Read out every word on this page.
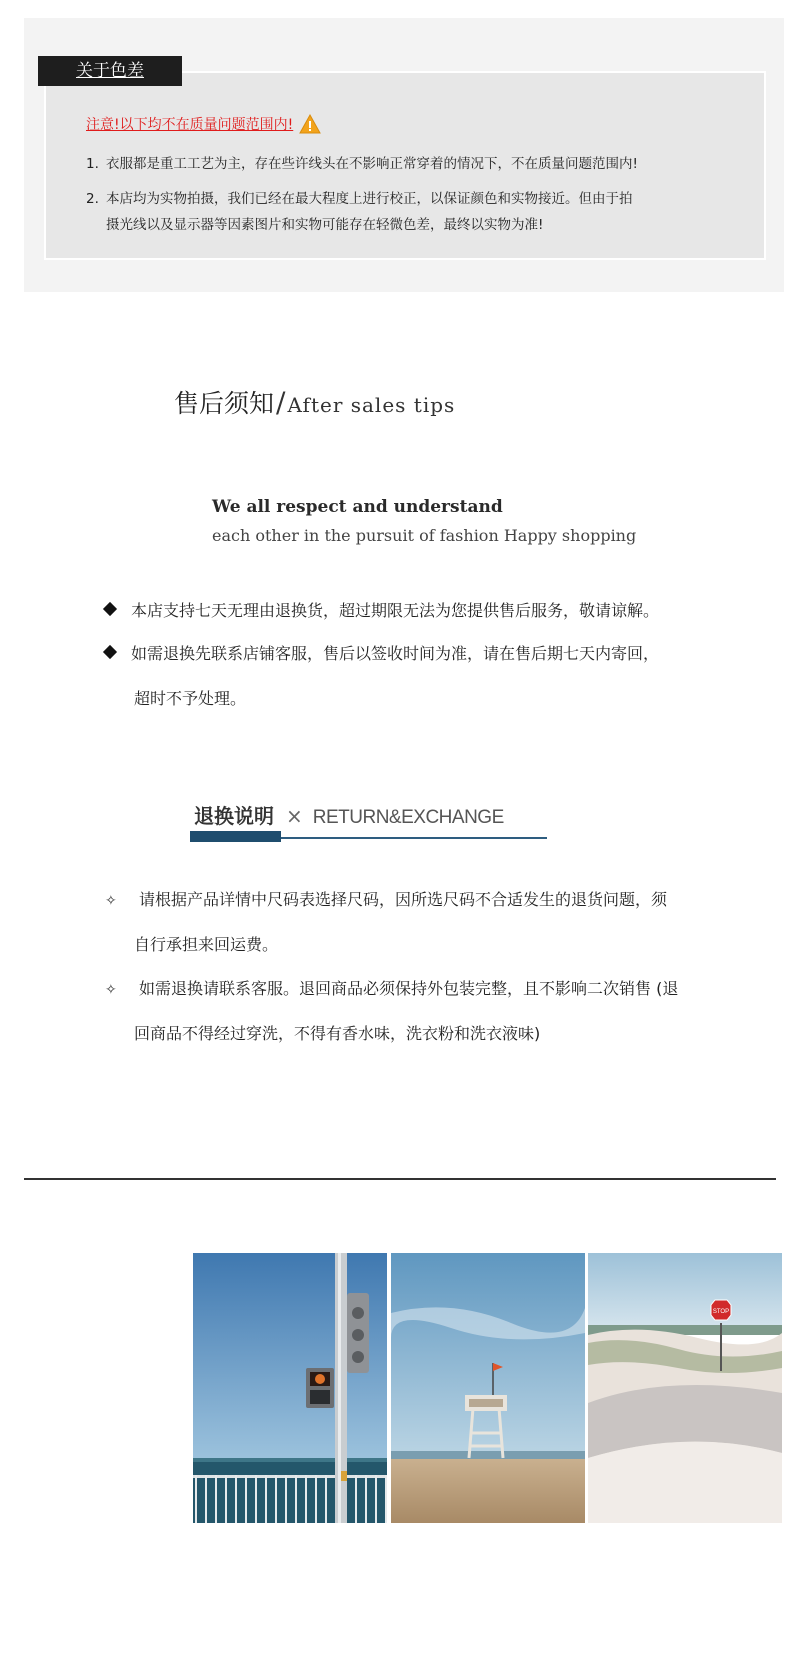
关于色差
注意!以下均不在质量问题范围内!
1. 衣服都是重工工艺为主，存在些许线头在不影响正常穿着的情况下，不在质量问题范围内!
2. 本店均为实物拍摄，我们已经在最大程度上进行校正，以保证颜色和实物接近。但由于拍
摄光线以及显示器等因素图片和实物可能存在轻微色差，最终以实物为准!
售后须知 / After sales tips
We all respect and understand
each other in the pursuit of fashion Happy shopping
本店支持七天无理由退换货，超过期限无法为您提供售后服务，敬请谅解。
如需退换先联系店铺客服，售后以签收时间为准，请在售后期七天内寄回，
超时不予处理。
退换说明 × RETURN&EXCHANGE
✧ 请根据产品详情中尺码表选择尺码，因所选尺码不合适发生的退货问题，须
自行承担来回运费。
✧ 如需退换请联系客服。退回商品必须保持外包装完整，且不影响二次销售 (退
回商品不得经过穿洗，不得有香水味，洗衣粉和洗衣液味)
STOP
